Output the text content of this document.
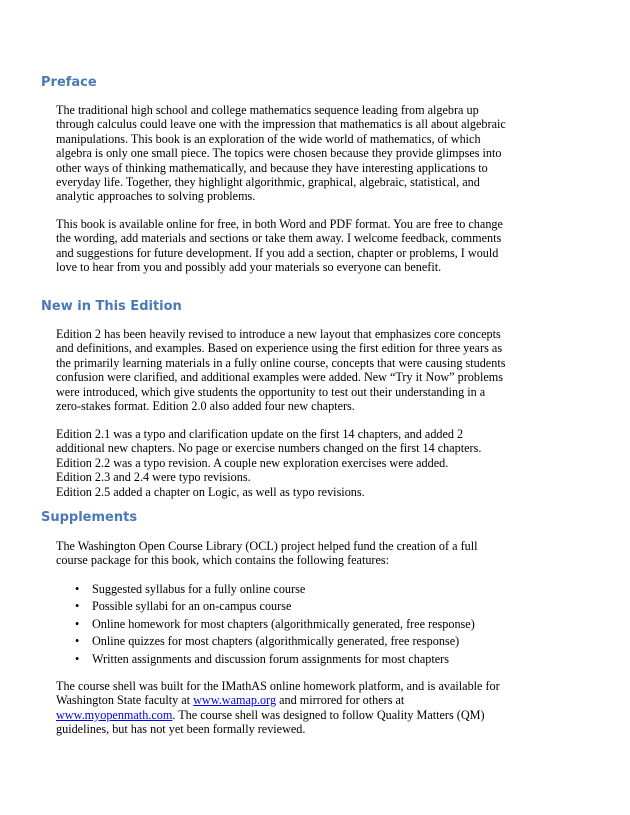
Preface

The traditional high school and college mathematics sequence leading from algebra up
through calculus could leave one with the impression that mathematics is all about algebraic
manipulations. This book is an exploration of the wide world of mathematics, of which
algebra is only one small piece. The topics were chosen because they provide glimpses into
other ways of thinking mathematically, and because they have interesting applications to
everyday life. Together, they highlight algorithmic, graphical, algebraic, statistical, and
analytic approaches to solving problems.

This book is available online for free, in both Word and PDF format. You are free to change
the wording, add materials and sections or take them away. I welcome feedback, comments
and suggestions for future development. If you add a section, chapter or problems, I would
love to hear from you and possibly add your materials so everyone can benefit.

New in This Edition

Edition 2 has been heavily revised to introduce a new layout that emphasizes core concepts
and definitions, and examples. Based on experience using the first edition for three years as
the primarily learning materials in a fully online course, concepts that were causing students
confusion were clarified, and additional examples were added. New “Try it Now” problems
were introduced, which give students the opportunity to test out their understanding in a
zero-stakes format. Edition 2.0 also added four new chapters.

Edition 2.1 was a typo and clarification update on the first 14 chapters, and added 2
additional new chapters. No page or exercise numbers changed on the first 14 chapters.
Edition 2.2 was a typo revision. A couple new exploration exercises were added.
Edition 2.3 and 2.4 were typo revisions.
Edition 2.5 added a chapter on Logic, as well as typo revisions.

Supplements

The Washington Open Course Library (OCL) project helped fund the creation of a full
course package for this book, which contains the following features:

• Suggested syllabus for a fully online course
• Possible syllabi for an on-campus course
• Online homework for most chapters (algorithmically generated, free response)
• Online quizzes for most chapters (algorithmically generated, free response)
• Written assignments and discussion forum assignments for most chapters

The course shell was built for the IMathAS online homework platform, and is available for
Washington State faculty at www.wamap.org and mirrored for others at
www.myopenmath.com. The course shell was designed to follow Quality Matters (QM)
guidelines, but has not yet been formally reviewed.
